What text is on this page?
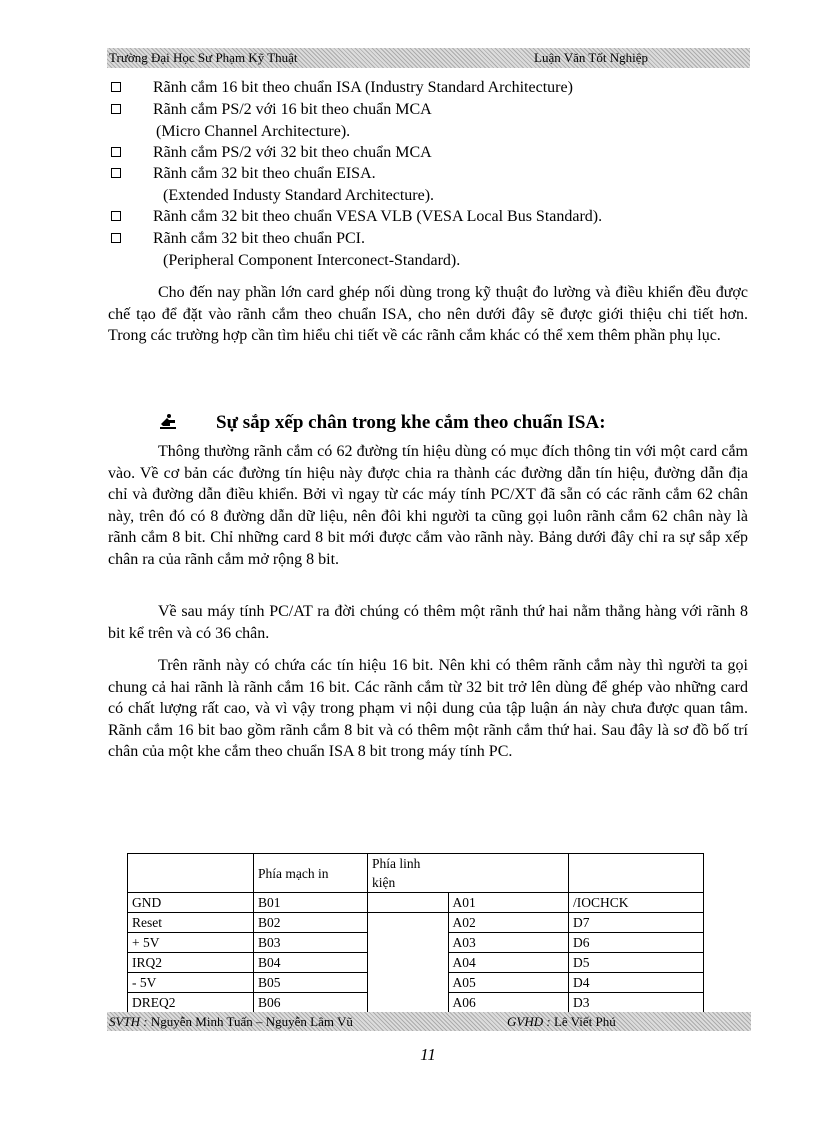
Trường Đại Học Sư Phạm Kỹ Thuật	Luận Văn Tốt Nghiệp
Rãnh cắm 16 bit theo chuẩn ISA (Industry Standard Architecture)
Rãnh cắm PS/2 với 16 bit theo chuẩn MCA
(Micro Channel Architecture).
Rãnh cắm PS/2 với 32 bit theo chuẩn MCA
Rãnh cắm 32 bit theo chuẩn EISA.
(Extended Industy Standard Architecture).
Rãnh cắm 32 bit theo chuẩn VESA VLB (VESA Local Bus Standard).
Rãnh cắm 32 bit theo chuẩn PCI.
(Peripheral Component Interconect-Standard).

Cho đến nay phần lớn card ghép nối dùng trong kỹ thuật đo lường và điều khiển đều được chế tạo để đặt vào rãnh cắm theo chuẩn ISA, cho nên dưới đây sẽ được giới thiệu chi tiết hơn. Trong các trường hợp cần tìm hiểu chi tiết về các rãnh cắm khác có thể xem thêm phần phụ lục.

Sự sắp xếp chân trong khe cắm theo chuẩn ISA:

Thông thường rãnh cắm có 62 đường tín hiệu dùng có mục đích thông tin với một card cắm vào. Về cơ bản các đường tín hiệu này được chia ra thành các đường dẫn tín hiệu, đường dẫn địa chỉ và đường dẫn điều khiển. Bởi vì ngay từ các máy tính PC/XT đã sẵn có các rãnh cắm 62 chân này, trên đó có 8 đường dẫn dữ liệu, nên đôi khi người ta cũng gọi luôn rãnh cắm 62 chân này là rãnh cắm 8 bit. Chỉ những card 8 bit mới được cắm vào rãnh này. Bảng dưới đây chỉ ra sự sắp xếp chân ra của rãnh cắm mở rộng 8 bit.

Về sau máy tính PC/AT ra đời chúng có thêm một rãnh thứ hai nằm thẳng hàng với rãnh 8 bit kể trên và có 36 chân.

Trên rãnh này có chứa các tín hiệu 16 bit. Nên khi có thêm rãnh cắm này thì người ta gọi chung cả hai rãnh là rãnh cắm 16 bit. Các rãnh cắm từ 32 bit trở lên dùng để ghép vào những card có chất lượng rất cao, và vì vậy trong phạm vi nội dung của tập luận án này chưa được quan tâm. Rãnh cắm 16 bit bao gồm rãnh cắm 8 bit và có thêm một rãnh cắm thứ hai. Sau đây là sơ đồ bố trí chân của một khe cắm theo chuẩn ISA 8 bit trong máy tính PC.

	Phía mạch in	Phía linh kiện		
GND	B01		A01	/IOCHCK
Reset	B02		A02	D7
+ 5V	B03		A03	D6
IRQ2	B04		A04	D5
- 5V	B05		A05	D4
DREQ2	B06		A06	D3
SVTH : Nguyễn Minh Tuấn – Nguyễn Lâm Vũ	GVHD : Lê Viết Phú
11
